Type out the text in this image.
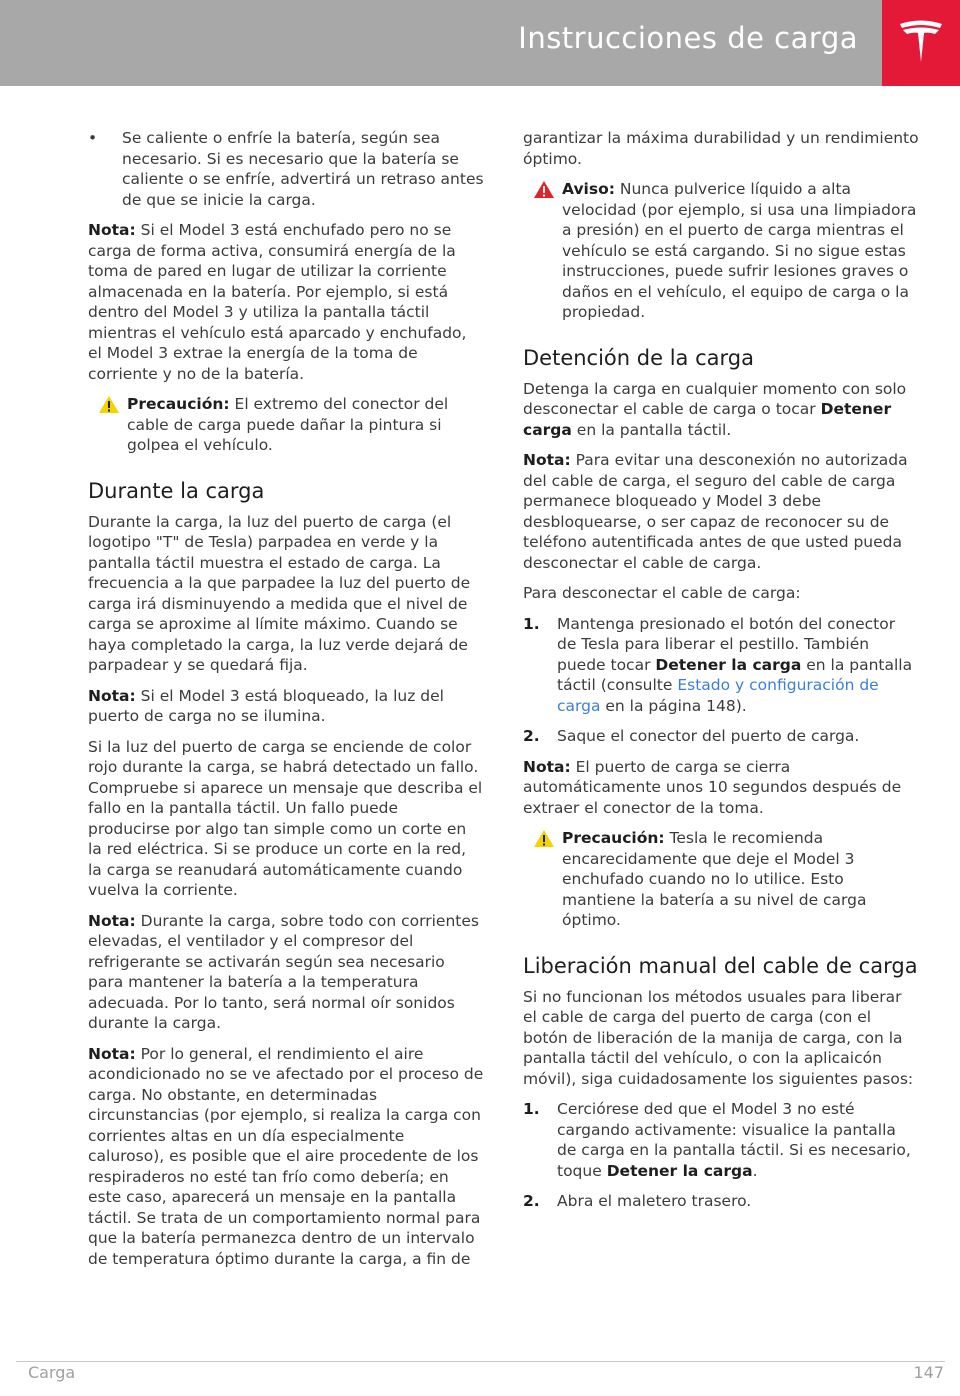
Instrucciones de carga
• Se caliente o enfríe la batería, según sea necesario. Si es necesario que la batería se caliente o se enfríe, advertirá un retraso antes de que se inicie la carga.

Nota: Si el Model 3 está enchufado pero no se carga de forma activa, consumirá energía de la toma de pared en lugar de utilizar la corriente almacenada en la batería. Por ejemplo, si está dentro del Model 3 y utiliza la pantalla táctil mientras el vehículo está aparcado y enchufado, el Model 3 extrae la energía de la toma de corriente y no de la batería.

Precaución: El extremo del conector del cable de carga puede dañar la pintura si golpea el vehículo.
Durante la carga

Durante la carga, la luz del puerto de carga (el logotipo "T" de Tesla) parpadea en verde y la pantalla táctil muestra el estado de carga. La frecuencia a la que parpadee la luz del puerto de carga irá disminuyendo a medida que el nivel de carga se aproxime al límite máximo. Cuando se haya completado la carga, la luz verde dejará de parpadear y se quedará fija.

Nota: Si el Model 3 está bloqueado, la luz del puerto de carga no se ilumina.

Si la luz del puerto de carga se enciende de color rojo durante la carga, se habrá detectado un fallo. Compruebe si aparece un mensaje que describa el fallo en la pantalla táctil. Un fallo puede producirse por algo tan simple como un corte en la red eléctrica. Si se produce un corte en la red, la carga se reanudará automáticamente cuando vuelva la corriente.

Nota: Durante la carga, sobre todo con corrientes elevadas, el ventilador y el compresor del refrigerante se activarán según sea necesario para mantener la batería a la temperatura adecuada. Por lo tanto, será normal oír sonidos durante la carga.

Nota: Por lo general, el rendimiento el aire acondicionado no se ve afectado por el proceso de carga. No obstante, en determinadas circunstancias (por ejemplo, si realiza la carga con corrientes altas en un día especialmente caluroso), es posible que el aire procedente de los respiraderos no esté tan frío como debería; en este caso, aparecerá un mensaje en la pantalla táctil. Se trata de un comportamiento normal para que la batería permanezca dentro de un intervalo de temperatura óptimo durante la carga, a fin de

garantizar la máxima durabilidad y un rendimiento óptimo.

Aviso: Nunca pulverice líquido a alta velocidad (por ejemplo, si usa una limpiadora a presión) en el puerto de carga mientras el vehículo se está cargando. Si no sigue estas instrucciones, puede sufrir lesiones graves o daños en el vehículo, el equipo de carga o la propiedad.
Detención de la carga

Detenga la carga en cualquier momento con solo desconectar el cable de carga o tocar Detener carga en la pantalla táctil.

Nota: Para evitar una desconexión no autorizada del cable de carga, el seguro del cable de carga permanece bloqueado y Model 3 debe desbloquearse, o ser capaz de reconocer su de teléfono autentificada antes de que usted pueda desconectar el cable de carga.

Para desconectar el cable de carga:

1. Mantenga presionado el botón del conector de Tesla para liberar el pestillo. También puede tocar Detener la carga en la pantalla táctil (consulte Estado y configuración de carga en la página 148).
2. Saque el conector del puerto de carga.

Nota: El puerto de carga se cierra automáticamente unos 10 segundos después de extraer el conector de la toma.

Precaución: Tesla le recomienda encarecidamente que deje el Model 3 enchufado cuando no lo utilice. Esto mantiene la batería a su nivel de carga óptimo.
Liberación manual del cable de carga

Si no funcionan los métodos usuales para liberar el cable de carga del puerto de carga (con el botón de liberación de la manija de carga, con la pantalla táctil del vehículo, o con la aplicaicón móvil), siga cuidadosamente los siguientes pasos:

1. Cerciórese ded que el Model 3 no esté cargando activamente: visualice la pantalla de carga en la pantalla táctil. Si es necesario, toque Detener la carga.
2. Abra el maletero trasero.
Carga	147
